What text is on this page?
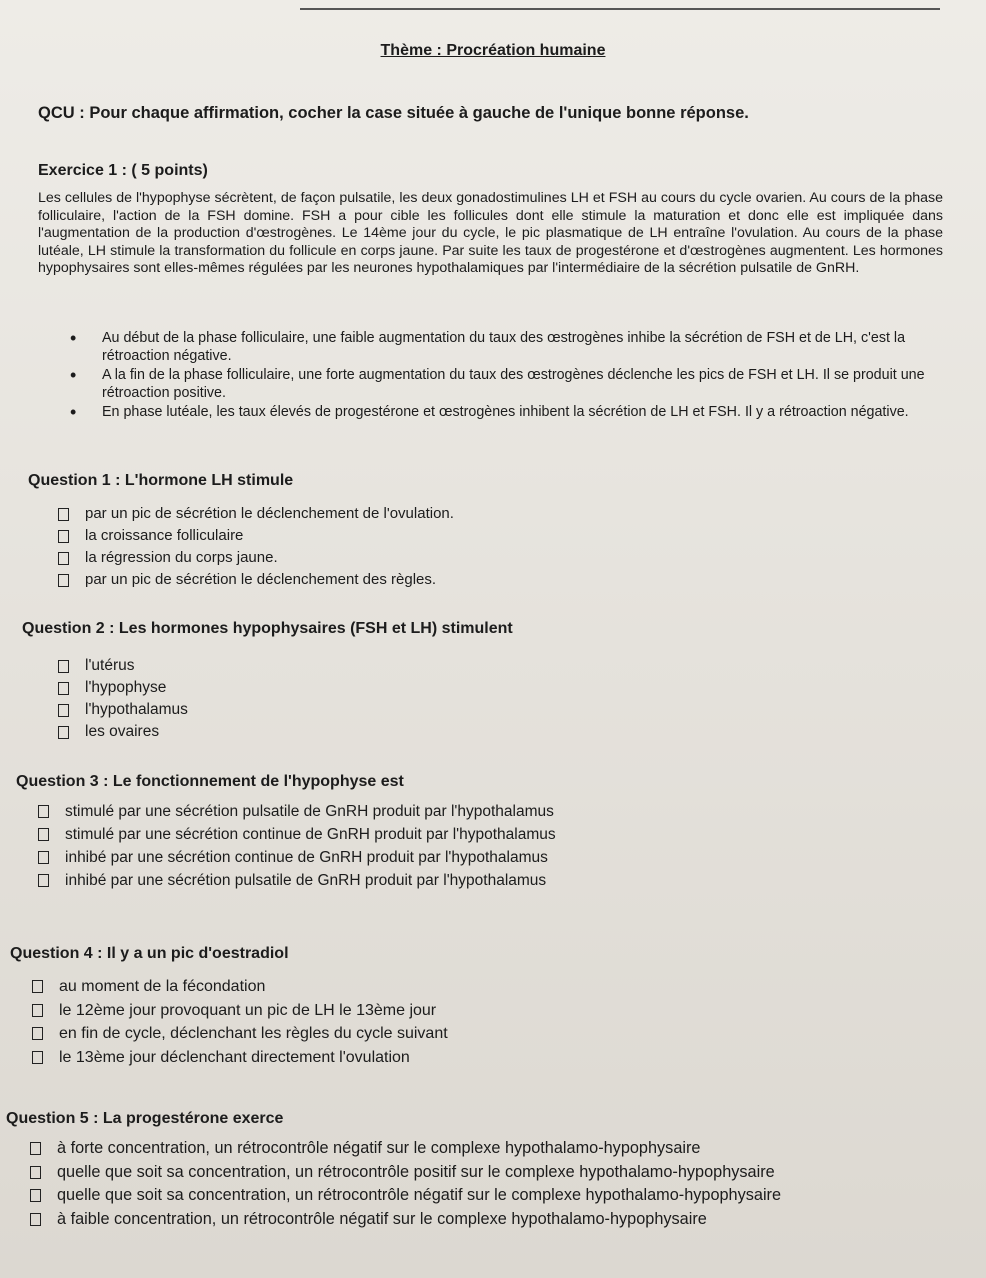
Thème : Procréation humaine
QCU : Pour chaque affirmation, cocher la case située à gauche de l'unique bonne réponse.
Exercice 1 : ( 5 points)
Les cellules de l'hypophyse sécrètent, de façon pulsatile, les deux gonadostimulines LH et FSH au cours du cycle ovarien. Au cours de la phase folliculaire, l'action de la FSH domine. FSH a pour cible les follicules dont elle stimule la maturation et donc elle est impliquée dans l'augmentation de la production d'œstrogènes. Le 14ème jour du cycle, le pic plasmatique de LH entraîne l'ovulation. Au cours de la phase lutéale, LH stimule la transformation du follicule en corps jaune. Par suite les taux de progestérone et d'œstrogènes augmentent. Les hormones hypophysaires sont elles-mêmes régulées par les neurones hypothalamiques par l'intermédiaire de la sécrétion pulsatile de GnRH.
• Au début de la phase folliculaire, une faible augmentation du taux des œstrogènes inhibe la sécrétion de FSH et de LH, c'est la rétroaction négative.
• A la fin de la phase folliculaire, une forte augmentation du taux des œstrogènes déclenche les pics de FSH et LH. Il se produit une rétroaction positive.
• En phase lutéale, les taux élevés de progestérone et œstrogènes inhibent la sécrétion de LH et FSH. Il y a rétroaction négative.
Question 1 : L'hormone LH stimule
par un pic de sécrétion le déclenchement de l'ovulation.
la croissance folliculaire
la régression du corps jaune.
par un pic de sécrétion le déclenchement des règles.
Question 2 : Les hormones hypophysaires (FSH et LH) stimulent
l'utérus
l'hypophyse
l'hypothalamus
les ovaires
Question 3 : Le fonctionnement de l'hypophyse est
stimulé par une sécrétion pulsatile de GnRH produit par l'hypothalamus
stimulé par une sécrétion continue de GnRH produit par l'hypothalamus
inhibé par une sécrétion continue de GnRH produit par l'hypothalamus
inhibé par une sécrétion pulsatile de GnRH produit par l'hypothalamus
Question 4 : Il y a un pic d'oestradiol
au moment de la fécondation
le 12ème jour provoquant un pic de LH le 13ème jour
en fin de cycle, déclenchant les règles du cycle suivant
le 13ème jour déclenchant directement l'ovulation
Question 5 : La progestérone exerce
à forte concentration, un rétrocontrôle négatif sur le complexe hypothalamo-hypophysaire
quelle que soit sa concentration, un rétrocontrôle positif sur le complexe hypothalamo-hypophysaire
quelle que soit sa concentration, un rétrocontrôle négatif sur le complexe hypothalamo-hypophysaire
à faible concentration, un rétrocontrôle négatif sur le complexe hypothalamo-hypophysaire
